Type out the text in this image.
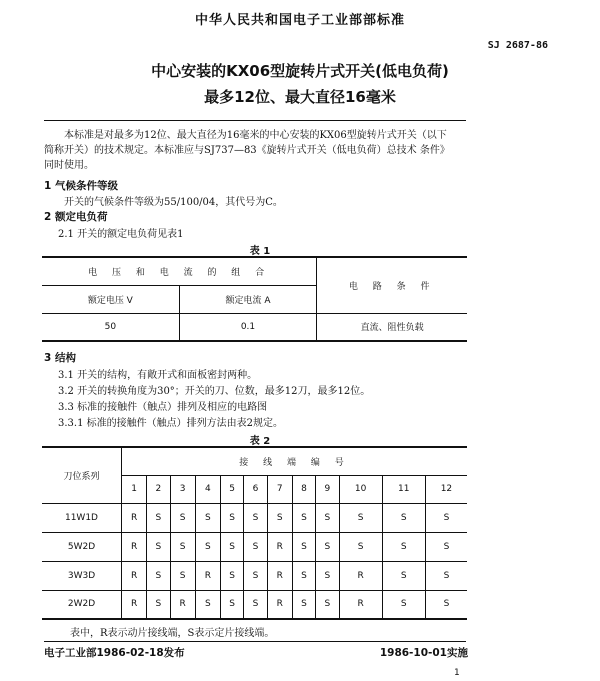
中华人民共和国电子工业部部标准
SJ 2687-86
中心安装的KX06型旋转片式开关(低电负荷)
最多12位、最大直径16毫米
本标准是对最多为12位、最大直径为16毫米的中心安装的KX06型旋转片式开关（以下
简称开关）的技术规定。本标准应与SJ737—83《旋转片式开关（低电负荷）总技术 条件》
同时使用。
1 气候条件等级
开关的气候条件等级为55/100/04，其代号为C。
2 额定电负荷
2.1 开关的额定电负荷见表1
表 1
电 压 和 电 流 的 组 合		电 路 条 件
额定电压 V	额定电流 A	
50	0.1	直流、阻性负载
3 结构
3.1 开关的结构，有敞开式和面板密封两种。
3.2 开关的转换角度为30°；开关的刀、位数，最多12刀，最多12位。
3.3 标准的接触件（触点）排列及相应的电路图
3.3.1 标准的接触件（触点）排列方法由表2规定。
表 2
刀位系列	接 线 端 编 号											
	1	2	3	4	5	6	7	8	9	10	11	12
11W1D	R	S	S	S	S	S	S	S	S	S	S	S
5W2D	R	S	S	S	S	S	R	S	S	S	S	S
3W3D	R	S	S	R	S	S	R	S	S	R	S	S
2W2D	R	S	R	S	S	S	R	S	S	R	S	S
表中，R表示动片接线端，S表示定片接线端。
电子工业部1986-02-18发布	1986-10-01实施
1
